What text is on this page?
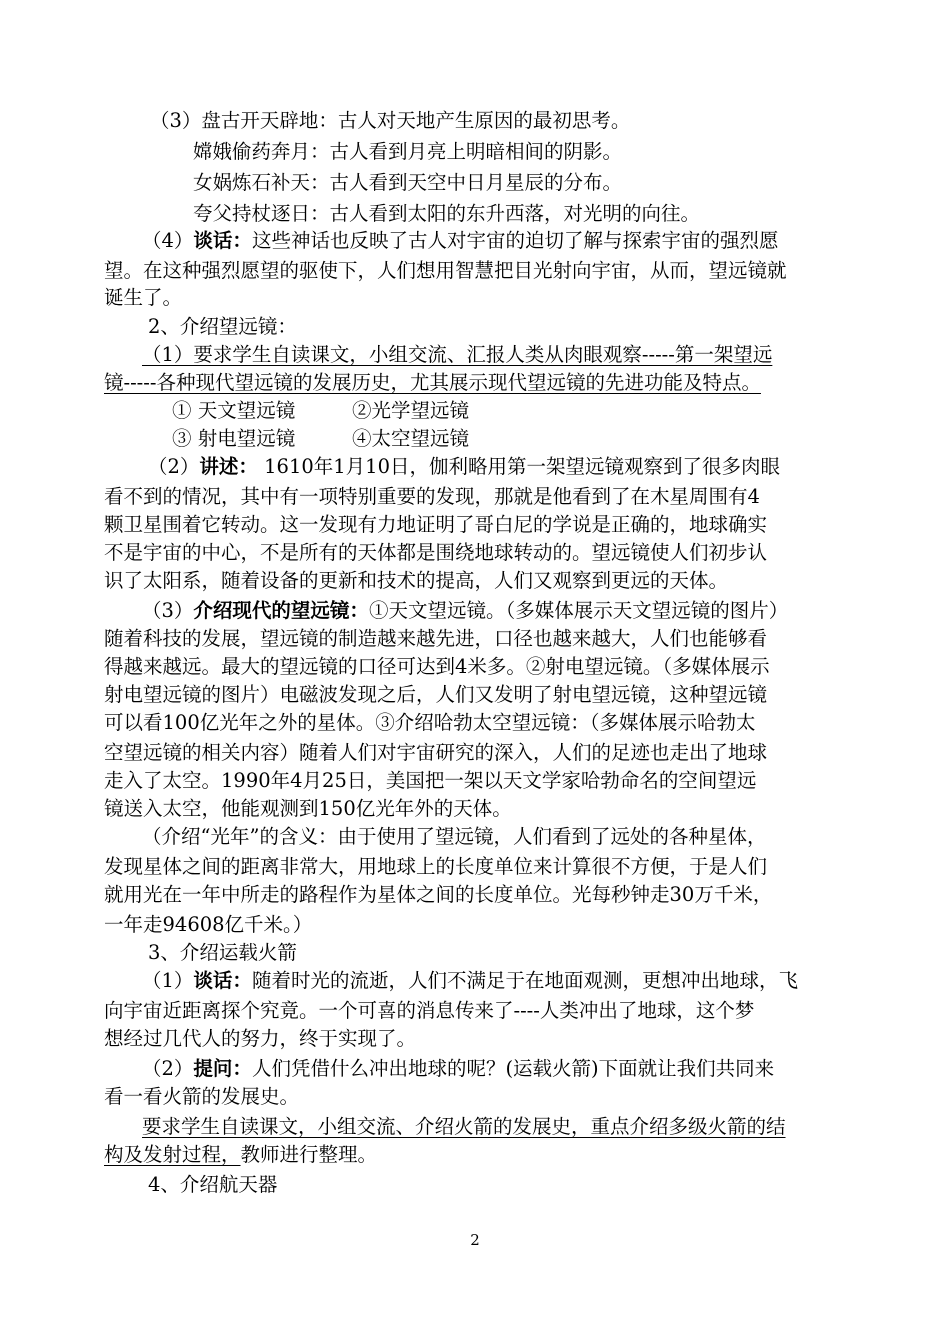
（3）盘古开天辟地：古人对天地产生原因的最初思考。
嫦娥偷药奔月：古人看到月亮上明暗相间的阴影。
女娲炼石补天：古人看到天空中日月星辰的分布。
夸父持杖逐日：古人看到太阳的东升西落，对光明的向往。
（4）谈话：这些神话也反映了古人对宇宙的迫切了解与探索宇宙的强烈愿
望。在这种强烈愿望的驱使下，人们想用智慧把目光射向宇宙，从而，望远镜就
诞生了。
2、介绍望远镜：
（1）要求学生自读课文，小组交流、汇报人类从肉眼观察-----第一架望远
镜-----各种现代望远镜的发展历史，尤其展示现代望远镜的先进功能及特点。
① 天文望远镜	②光学望远镜
③ 射电望远镜	④太空望远镜
（2）讲述： 1610年1月10日，伽利略用第一架望远镜观察到了很多肉眼
看不到的情况，其中有一项特别重要的发现，那就是他看到了在木星周围有4
颗卫星围着它转动。这一发现有力地证明了哥白尼的学说是正确的，地球确实
不是宇宙的中心，不是所有的天体都是围绕地球转动的。望远镜使人们初步认
识了太阳系，随着设备的更新和技术的提高，人们又观察到更远的天体。
（3）介绍现代的望远镜：①天文望远镜。（多媒体展示天文望远镜的图片）
随着科技的发展，望远镜的制造越来越先进，口径也越来越大，人们也能够看
得越来越远。最大的望远镜的口径可达到4米多。②射电望远镜。（多媒体展示
射电望远镜的图片）电磁波发现之后，人们又发明了射电望远镜，这种望远镜
可以看100亿光年之外的星体。③介绍哈勃太空望远镜：（多媒体展示哈勃太
空望远镜的相关内容）随着人们对宇宙研究的深入，人们的足迹也走出了地球
走入了太空。1990年4月25日，美国把一架以天文学家哈勃命名的空间望远
镜送入太空，他能观测到150亿光年外的天体。
（介绍“光年”的含义：由于使用了望远镜，人们看到了远处的各种星体，
发现星体之间的距离非常大，用地球上的长度单位来计算很不方便，于是人们
就用光在一年中所走的路程作为星体之间的长度单位。光每秒钟走30万千米，
一年走94608亿千米。）
3、介绍运载火箭
（1）谈话：随着时光的流逝，人们不满足于在地面观测，更想冲出地球，飞
向宇宙近距离探个究竟。一个可喜的消息传来了----人类冲出了地球，这个梦
想经过几代人的努力，终于实现了。
（2）提问：人们凭借什么冲出地球的呢？(运载火箭)下面就让我们共同来
看一看火箭的发展史。
要求学生自读课文，小组交流、介绍火箭的发展史，重点介绍多级火箭的结
构及发射过程，教师进行整理。
4、介绍航天器
2
